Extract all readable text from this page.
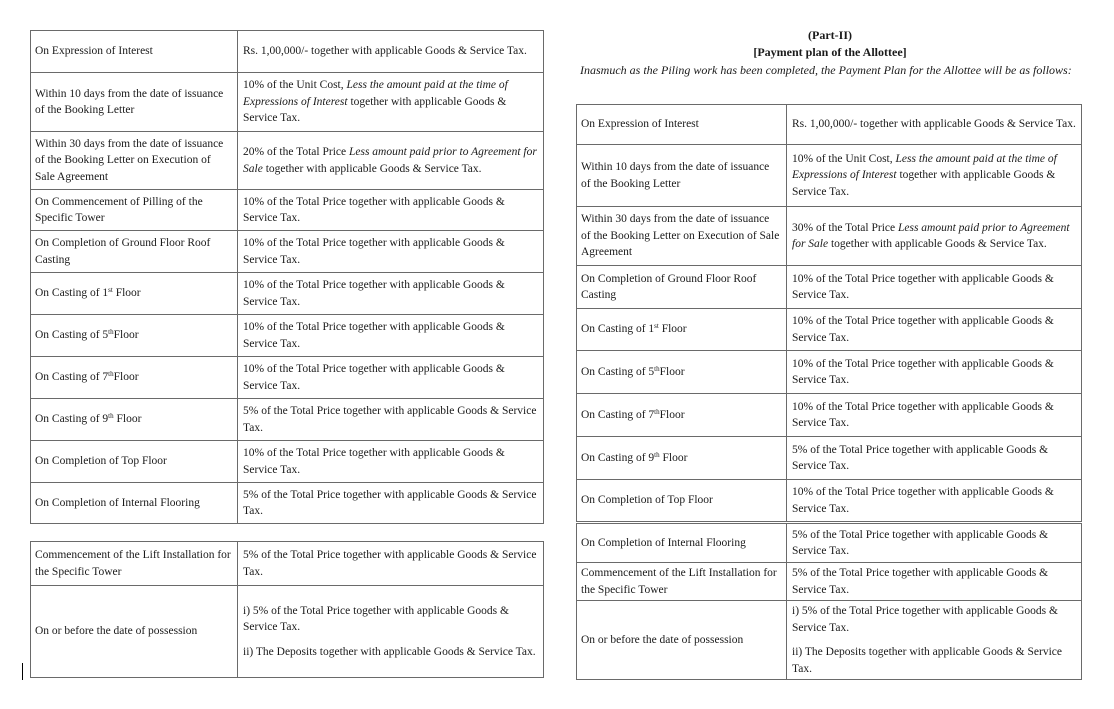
On Expression of Interest	Rs. 1,00,000/- together with applicable Goods & Service Tax.
Within 10 days from the date of issuance of the Booking Letter	10% of the Unit Cost, Less the amount paid at the time of Expressions of Interest together with applicable Goods & Service Tax.
Within 30 days from the date of issuance of the Booking Letter on Execution of Sale Agreement	20% of the Total Price Less amount paid prior to Agreement for Sale together with applicable Goods & Service Tax.
On Commencement of Pilling of the Specific Tower	10% of the Total Price together with applicable Goods & Service Tax.
On Completion of Ground Floor Roof Casting	10% of the Total Price together with applicable Goods & Service Tax.
On Casting of 1st Floor	10% of the Total Price together with applicable Goods & Service Tax.
On Casting of 5thFloor	10% of the Total Price together with applicable Goods & Service Tax.
On Casting of 7thFloor	10% of the Total Price together with applicable Goods & Service Tax.
On Casting of 9th Floor	5% of the Total Price together with applicable Goods & Service Tax.
On Completion of Top Floor	10% of the Total Price together with applicable Goods & Service Tax.
On Completion of Internal Flooring	5% of the Total Price together with applicable Goods & Service Tax.
Commencement of the Lift Installation for the Specific Tower	5% of the Total Price together with applicable Goods & Service Tax.
On or before the date of possession	i) 5% of the Total Price together with applicable Goods & Service Tax.
ii) The Deposits together with applicable Goods & Service Tax.
(Part-II)
[Payment plan of the Allottee]
Inasmuch as the Piling work has been completed, the Payment Plan for the Allottee will be as follows:
On Expression of Interest	Rs. 1,00,000/- together with applicable Goods & Service Tax.
Within 10 days from the date of issuance of the Booking Letter	10% of the Unit Cost, Less the amount paid at the time of Expressions of Interest together with applicable Goods & Service Tax.
Within 30 days from the date of issuance of the Booking Letter on Execution of Sale Agreement	30% of the Total Price Less amount paid prior to Agreement for Sale together with applicable Goods & Service Tax.
On Completion of Ground Floor Roof Casting	10% of the Total Price together with applicable Goods & Service Tax.
On Casting of 1st Floor	10% of the Total Price together with applicable Goods & Service Tax.
On Casting of 5thFloor	10% of the Total Price together with applicable Goods & Service Tax.
On Casting of 7thFloor	10% of the Total Price together with applicable Goods & Service Tax.
On Casting of 9th Floor	5% of the Total Price together with applicable Goods & Service Tax.
On Completion of Top Floor	10% of the Total Price together with applicable Goods & Service Tax.
On Completion of Internal Flooring	5% of the Total Price together with applicable Goods & Service Tax.
Commencement of the Lift Installation for the Specific Tower	5% of the Total Price together with applicable Goods & Service Tax.
On or before the date of possession	i) 5% of the Total Price together with applicable Goods & Service Tax.
ii) The Deposits together with applicable Goods & Service Tax.
